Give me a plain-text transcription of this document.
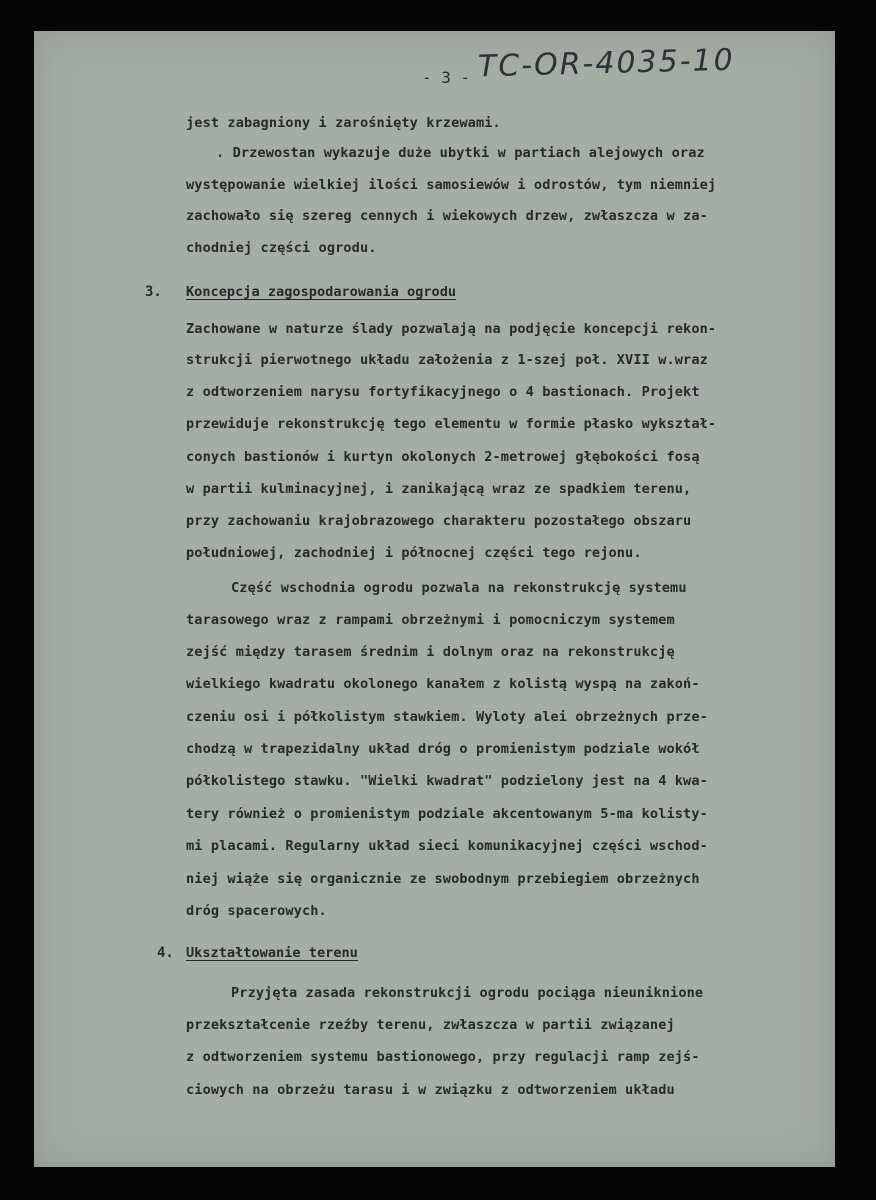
TC-OR-4035-10
- 3 -
jest zabagniony i zarośnięty krzewami.
. Drzewostan wykazuje duże ubytki w partiach alejowych oraz
występowanie wielkiej ilości samosiewów i odrostów, tym niemniej
zachowało się szereg cennych i wiekowych drzew, zwłaszcza w za-
chodniej części ogrodu.
3. Koncepcja zagospodarowania ogrodu
Zachowane w naturze ślady pozwalają na podjęcie koncepcji rekon-
strukcji pierwotnego układu założenia z 1-szej poł. XVII w.wraz
z odtworzeniem narysu fortyfikacyjnego o 4 bastionach. Projekt
przewiduje rekonstrukcję tego elementu w formie płasko wykształ-
conych bastionów i kurtyn okolonych 2-metrowej głębokości fosą
w partii kulminacyjnej, i zanikającą wraz ze spadkiem terenu,
przy zachowaniu krajobrazowego charakteru pozostałego obszaru
południowej, zachodniej i północnej części tego rejonu.
Część wschodnia ogrodu pozwala na rekonstrukcję systemu
tarasowego wraz z rampami obrzeżnymi i pomocniczym systemem
zejść między tarasem średnim i dolnym oraz na rekonstrukcję
wielkiego kwadratu okolonego kanałem z kolistą wyspą na zakoń-
czeniu osi i półkolistym stawkiem. Wyloty alei obrzeżnych prze-
chodzą w trapezidalny układ dróg o promienistym podziale wokół
półkolistego stawku. "Wielki kwadrat" podzielony jest na 4 kwa-
tery również o promienistym podziale akcentowanym 5-ma kolisty-
mi placami. Regularny układ sieci komunikacyjnej części wschod-
niej wiąże się organicznie ze swobodnym przebiegiem obrzeżnych
dróg spacerowych.
4. Ukształtowanie terenu
Przyjęta zasada rekonstrukcji ogrodu pociąga nieuniknione
przekształcenie rzeźby terenu, zwłaszcza w partii związanej
z odtworzeniem systemu bastionowego, przy regulacji ramp zejś-
ciowych na obrzeżu tarasu i w związku z odtworzeniem układu
